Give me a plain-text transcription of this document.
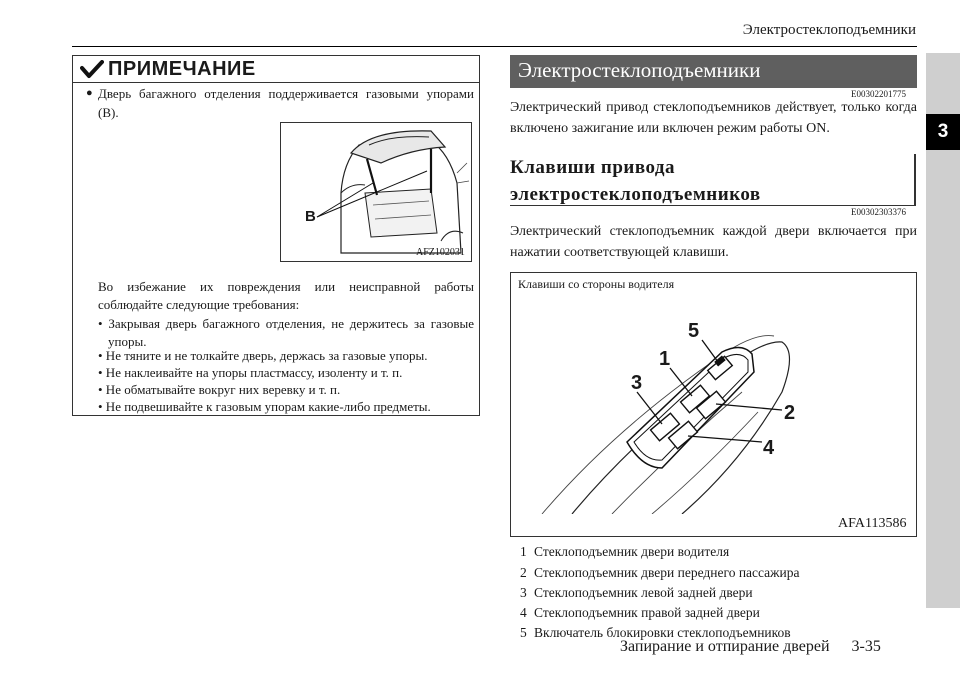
Электростеклоподъемники
3
ПРИМЕЧАНИЕ
● Дверь багажного отделения поддерживается газовыми упорами (B).
B
AFZ102031
Во избежание их повреждения или неисправной работы соблюдайте следующие требования:
• Закрывая дверь багажного отделения, не держитесь за газовые упоры.
• Не тяните и не толкайте дверь, держась за газовые упоры.
• Не наклеивайте на упоры пластмассу, изоленту и т. п.
• Не обматывайте вокруг них веревку и т. п.
• Не подвешивайте к газовым упорам какие-либо предметы.
Электростеклоподъемники
E00302201775
Электрический привод стеклоподъемников действует, только когда включено зажигание или включен режим работы ON.
Клавиши привода
электростеклоподъемников
E00302303376
Электрический стеклоподъемник каждой двери включается при нажатии соответствующей клавиши.
Клавиши со стороны водителя
5
1
3
2
4
AFA113586
1 Стеклоподъемник двери водителя
2 Стеклоподъемник двери переднего пассажира
3 Стеклоподъемник левой задней двери
4 Стеклоподъемник правой задней двери
5 Включатель блокировки стеклоподъемников
Запирание и отпирание дверей 3-35
